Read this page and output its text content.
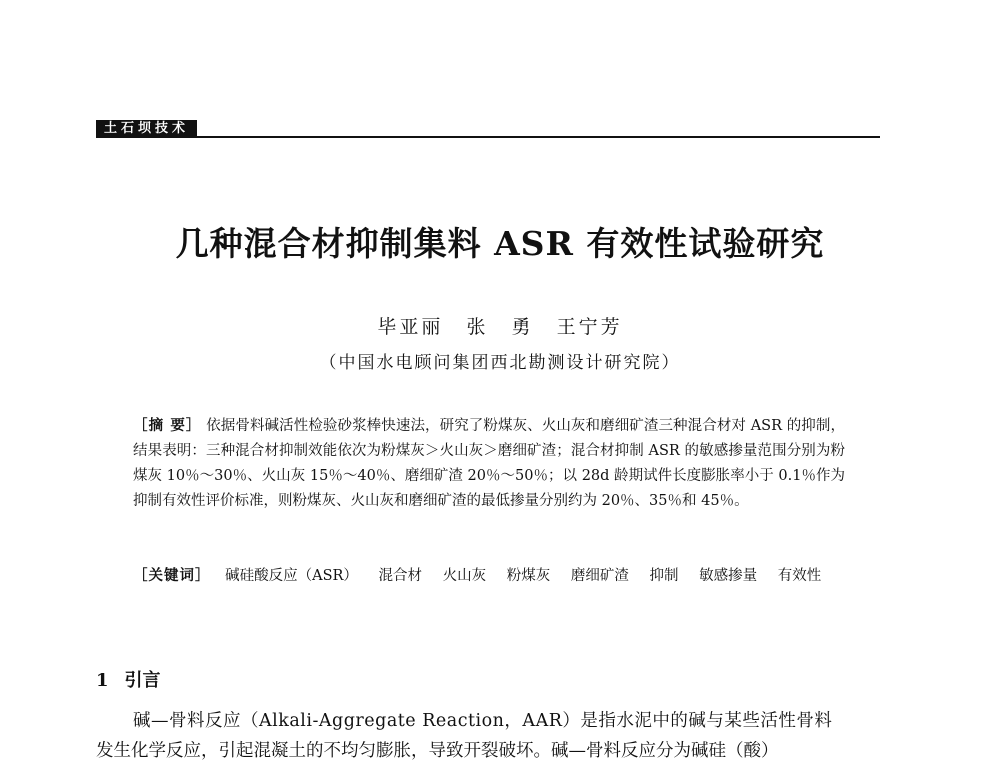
土石坝技术
几种混合材抑制集料 ASR 有效性试验研究
毕亚丽 张 勇 王宁芳
（中国水电顾问集团西北勘测设计研究院）
［摘 要］ 依据骨料碱活性检验砂浆棒快速法，研究了粉煤灰、火山灰和磨细矿渣三种混合材对 ASR 的抑制，结果表明：三种混合材抑制效能依次为粉煤灰＞火山灰＞磨细矿渣；混合材抑制 ASR 的敏感掺量范围分别为粉煤灰 10％～30％、火山灰 15％～40％、磨细矿渣 20％～50％；以 28d 龄期试件长度膨胀率小于 0.1％作为抑制有效性评价标准，则粉煤灰、火山灰和磨细矿渣的最低掺量分别约为 20％、35％和 45％。
［关键词］ 碱硅酸反应（ASR） 混合材 火山灰 粉煤灰 磨细矿渣 抑制 敏感掺量 有效性
1 引言
碱—骨料反应（Alkali-Aggregate Reaction，AAR）是指水泥中的碱与某些活性骨料
发生化学反应，引起混凝土的不均匀膨胀，导致开裂破坏。碱—骨料反应分为碱硅（酸）
